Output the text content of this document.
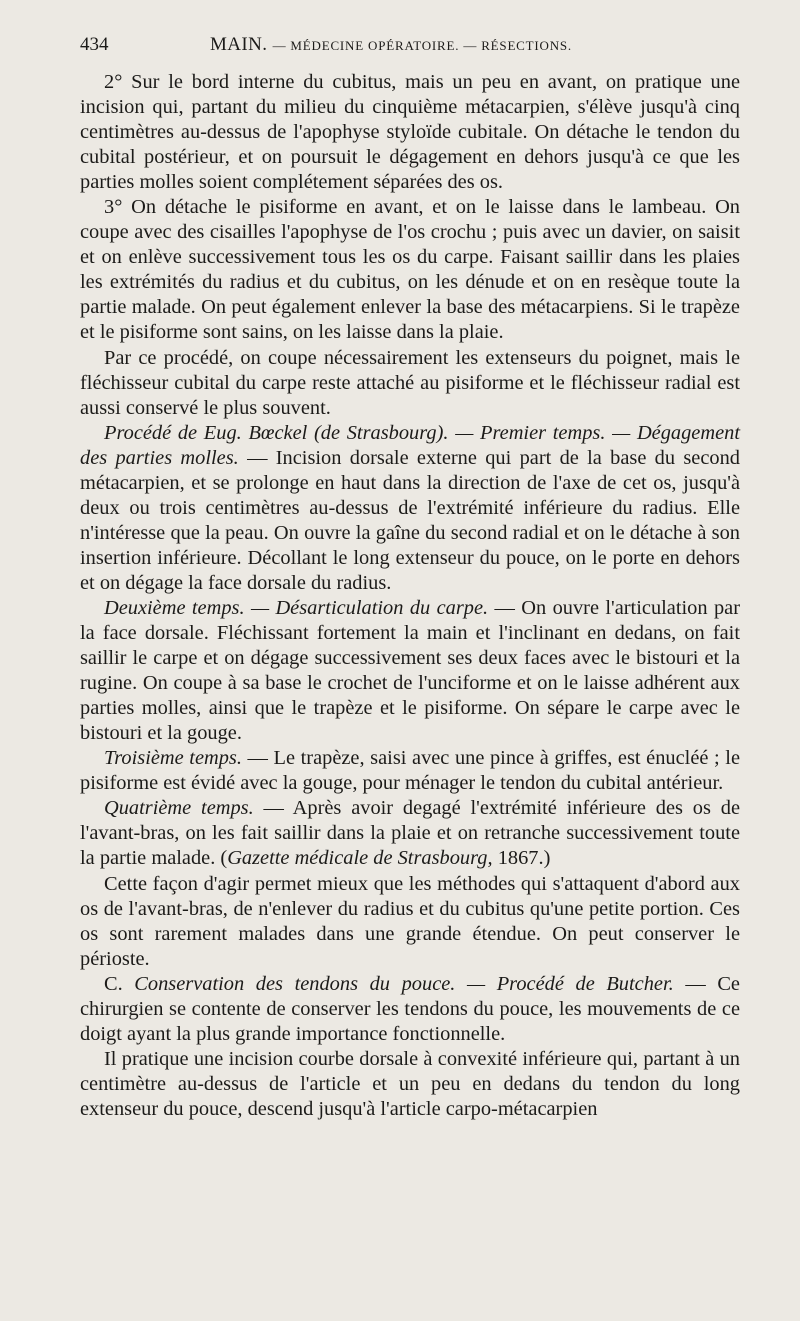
434	MAIN. — MÉDECINE OPÉRATOIRE. — RÉSECTIONS.

2° Sur le bord interne du cubitus, mais un peu en avant, on pratique une incision qui, partant du milieu du cinquième métacarpien, s'élève jusqu'à cinq centimètres au-dessus de l'apophyse styloïde cubitale. On détache le tendon du cubital postérieur, et on poursuit le dégagement en dehors jusqu'à ce que les parties molles soient complétement séparées des os.

3° On détache le pisiforme en avant, et on le laisse dans le lambeau. On coupe avec des cisailles l'apophyse de l'os crochu ; puis avec un davier, on saisit et on enlève successivement tous les os du carpe. Faisant saillir dans les plaies les extrémités du radius et du cubitus, on les dénude et on en resèque toute la partie malade. On peut également enlever la base des métacarpiens. Si le trapèze et le pisiforme sont sains, on les laisse dans la plaie.

Par ce procédé, on coupe nécessairement les extenseurs du poignet, mais le fléchisseur cubital du carpe reste attaché au pisiforme et le fléchisseur radial est aussi conservé le plus souvent.

Procédé de Eug. Bœckel (de Strasbourg). — Premier temps. — Dégagement des parties molles. — Incision dorsale externe qui part de la base du second métacarpien, et se prolonge en haut dans la direction de l'axe de cet os, jusqu'à deux ou trois centimètres au-dessus de l'extrémité inférieure du radius. Elle n'intéresse que la peau. On ouvre la gaîne du second radial et on le détache à son insertion inférieure. Décollant le long extenseur du pouce, on le porte en dehors et on dégage la face dorsale du radius.

Deuxième temps. — Désarticulation du carpe. — On ouvre l'articulation par la face dorsale. Fléchissant fortement la main et l'inclinant en dedans, on fait saillir le carpe et on dégage successivement ses deux faces avec le bistouri et la rugine. On coupe à sa base le crochet de l'unciforme et on le laisse adhérent aux parties molles, ainsi que le trapèze et le pisiforme. On sépare le carpe avec le bistouri et la gouge.

Troisième temps. — Le trapèze, saisi avec une pince à griffes, est énucléé ; le pisiforme est évidé avec la gouge, pour ménager le tendon du cubital antérieur.

Quatrième temps. — Après avoir degagé l'extrémité inférieure des os de l'avant-bras, on les fait saillir dans la plaie et on retranche successivement toute la partie malade. (Gazette médicale de Strasbourg, 1867.)

Cette façon d'agir permet mieux que les méthodes qui s'attaquent d'abord aux os de l'avant-bras, de n'enlever du radius et du cubitus qu'une petite portion. Ces os sont rarement malades dans une grande étendue. On peut conserver le périoste.

C. Conservation des tendons du pouce. — Procédé de Butcher. — Ce chirurgien se contente de conserver les tendons du pouce, les mouvements de ce doigt ayant la plus grande importance fonctionnelle.

Il pratique une incision courbe dorsale à convexité inférieure qui, partant à un centimètre au-dessus de l'article et un peu en dedans du tendon du long extenseur du pouce, descend jusqu'à l'article carpo-métacarpien
